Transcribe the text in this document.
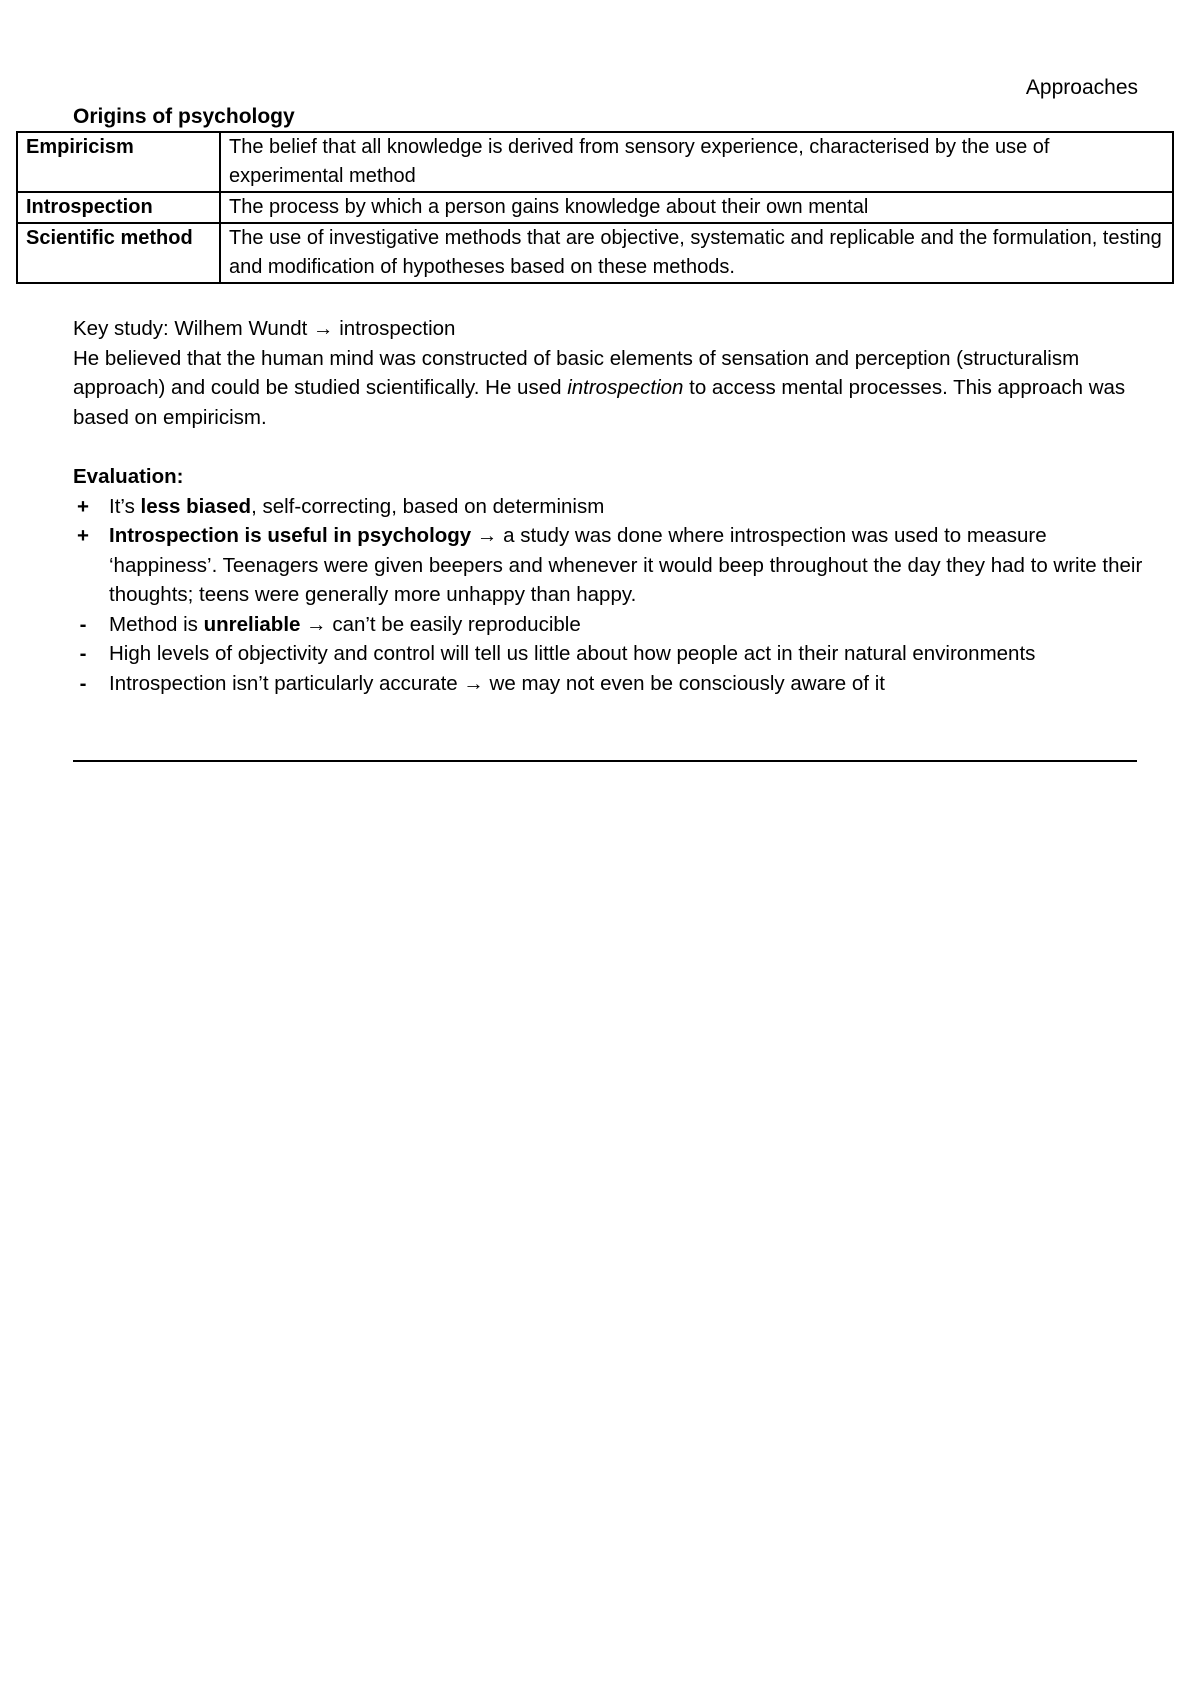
Approaches
Origins of psychology
Empiricism	The belief that all knowledge is derived from sensory experience, characterised by the use of experimental method
Introspection	The process by which a person gains knowledge about their own mental
Scientific method	The use of investigative methods that are objective, systematic and replicable and the formulation, testing and modification of hypotheses based on these methods.

Key study: Wilhem Wundt → introspection

He believed that the human mind was constructed of basic elements of sensation and perception (structuralism approach) and could be studied scientifically. He used introspection to access mental processes. This approach was based on empiricism.

Evaluation:

+ It’s less biased, self-correcting, based on determinism
+ Introspection is useful in psychology → a study was done where introspection was used to measure ‘happiness’. Teenagers were given beepers and whenever it would beep throughout the day they had to write their thoughts; teens were generally more unhappy than happy.
-	Method is unreliable → can’t be easily reproducible
-	High levels of objectivity and control will tell us little about how people act in their natural environments
-	Introspection isn’t particularly accurate → we may not even be consciously aware of it
